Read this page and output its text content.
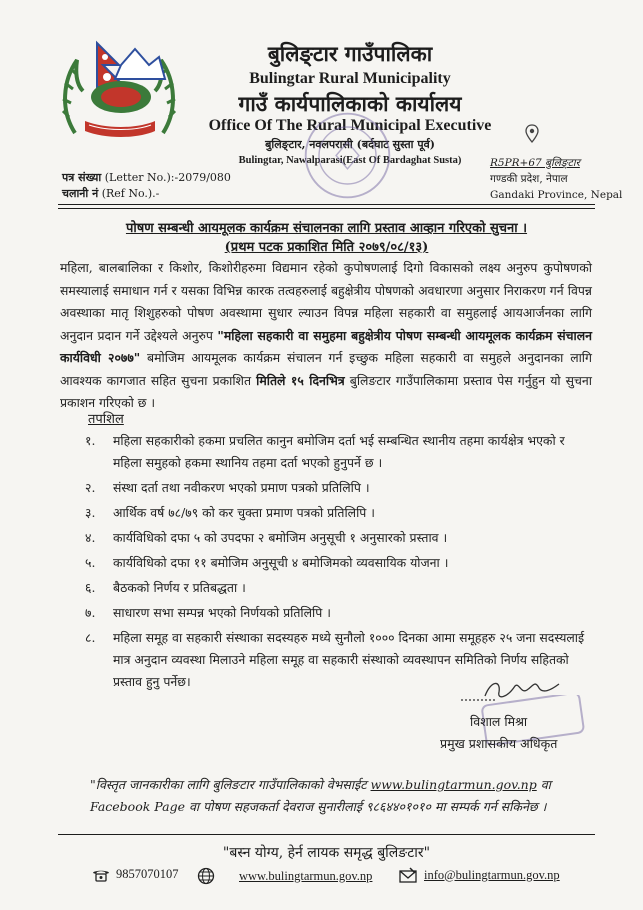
बुलिङ्टार गाउँपालिका

Bulingtar Rural Municipality

गाउँ कार्यपालिकाको कार्यालय

Office Of The Rural Municipal Executive

बुलिङ्टार, नवलपरासी (बर्दघाट सुस्ता पूर्व)

Bulingtar, Nawalparasi(East Of Bardaghat Susta)

पत्र संख्या (Letter No.):-2079/080
चलानी नं (Ref No.).-
R5PR+67 बुलिङ्टार
गण्डकी प्रदेश, नेपाल
Gandaki Province, Nepal
पोषण सम्बन्धी आयमूलक कार्यक्रम संचालनका लागि प्रस्ताव आव्हान गरिएको सुचना ।
(प्रथम पटक प्रकाशित मिति २०७९/०८/१३)

महिला, बालबालिका र किशोर, किशोरीहरुमा विद्यमान रहेको कुपोषणलाई दिगो विकासको लक्ष्य अनुरुप कुपोषणको समस्यालाई समाधान गर्न र यसका विभिन्न कारक तत्वहरुलाई बहुक्षेत्रीय पोषणको अवधारणा अनुसार निराकरण गर्न विपन्न अवस्थाका मातृ शिशुहरुको पोषण अवस्थामा सुधार ल्याउन विपन्न महिला सहकारी वा समुहलाई आयआर्जनका लागि अनुदान प्रदान गर्ने उद्देश्यले अनुरुप "महिला सहकारी वा समुहमा बहुक्षेत्रीय पोषण सम्बन्धी आयमूलक कार्यक्रम संचालन कार्यविधी २०७७" बमोजिम आयमूलक कार्यक्रम संचालन गर्न इच्छुक महिला सहकारी वा समुहले अनुदानका लागि आवश्यक कागजात सहित सुचना प्रकाशित मितिले १५ दिनभित्र बुलिङटार गाउँपालिकामा प्रस्ताव पेस गर्नुहुन यो सुचना प्रकाशन गरिएको छ ।

तपशिल
१. महिला सहकारीको हकमा प्रचलित कानुन बमोजिम दर्ता भई सम्बन्धित स्थानीय तहमा कार्यक्षेत्र भएको र महिला समुहको हकमा स्थानिय तहमा दर्ता भएको हुनुपर्ने छ ।
२. संस्था दर्ता तथा नवीकरण भएको प्रमाण पत्रको प्रतिलिपि ।
३. आर्थिक वर्ष ७८/७९ को कर चुक्ता प्रमाण पत्रको प्रतिलिपि ।
४. कार्यविधिको दफा ५ को उपदफा २ बमोजिम अनुसूची १ अनुसारको प्रस्ताव ।
५. कार्यविधिको दफा ११ बमोजिम अनुसूची ४ बमोजिमको व्यवसायिक योजना ।
६. बैठकको निर्णय र प्रतिबद्धता ।
७. साधारण सभा सम्पन्न भएको निर्णयको प्रतिलिपि ।
८. महिला समूह वा सहकारी संस्थाका सदस्यहरु मध्ये सुनौलो १००० दिनका आमा समूहहरु २५ जना सदस्यलाई मात्र अनुदान व्यवस्था मिलाउने महिला समूह वा सहकारी संस्थाको व्यवस्थापन समितिको निर्णय सहितको प्रस्ताव हुनु पर्नेछ।
विशाल मिश्रा
प्रमुख प्रशासकीय अधिकृत

"विस्तृत जानकारीका लागि बुलिङटार गाउँपालिकाको वेभसाईट www.bulingtarmun.gov.np वा Facebook Page वा पोषण सहजकर्ता देवराज सुनारीलाई ९८६४४०१०१० मा सम्पर्क गर्न सकिनेछ ।

"बस्न योग्य, हेर्न लायक समृद्ध बुलिङटार"
9857070107	www.bulingtarmun.gov.np	info@bulingtarmun.gov.np
